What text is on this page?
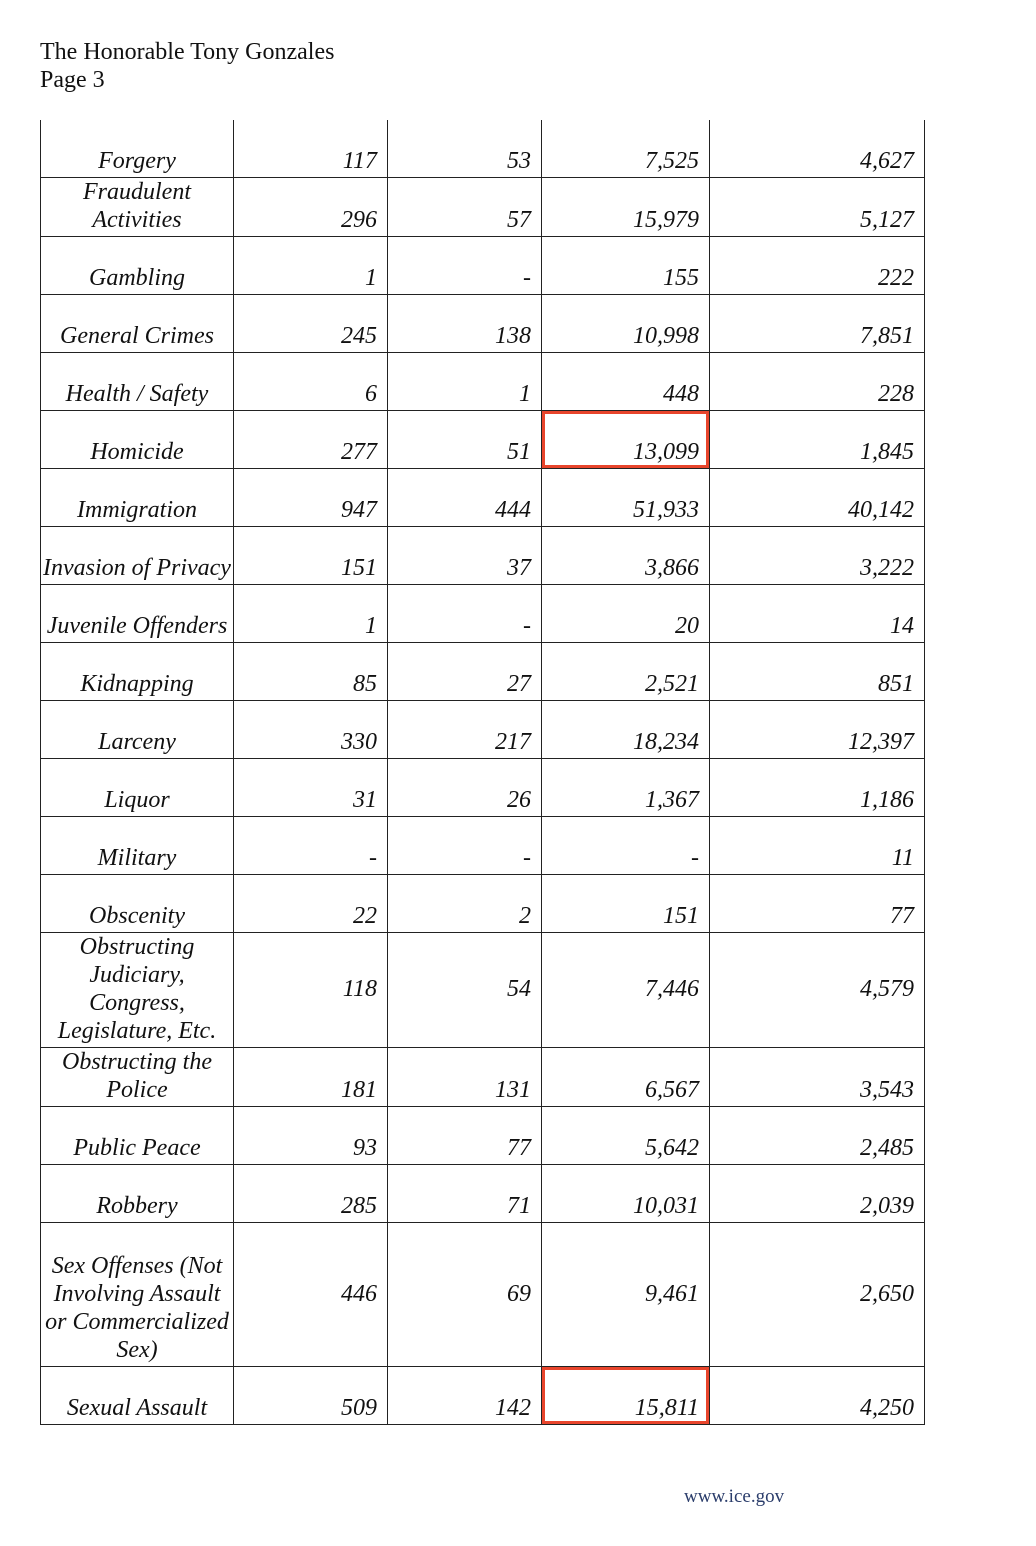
The Honorable Tony Gonzales
Page 3
Forgery	117	53	7,525	4,627
Fraudulent Activities	296	57	15,979	5,127
Gambling	1	-	155	222
General Crimes	245	138	10,998	7,851
Health / Safety	6	1	448	228
Homicide	277	51	13,099	1,845
Immigration	947	444	51,933	40,142
Invasion of Privacy	151	37	3,866	3,222
Juvenile Offenders	1	-	20	14
Kidnapping	85	27	2,521	851
Larceny	330	217	18,234	12,397
Liquor	31	26	1,367	1,186
Military	-	-	-	11
Obscenity	22	2	151	77
Obstructing Judiciary, Congress, Legislature, Etc.	118	54	7,446	4,579
Obstructing the Police	181	131	6,567	3,543
Public Peace	93	77	5,642	2,485
Robbery	285	71	10,031	2,039
Sex Offenses (Not Involving Assault or Commercialized Sex)	446	69	9,461	2,650
Sexual Assault	509	142	15,811	4,250
www.ice.gov
